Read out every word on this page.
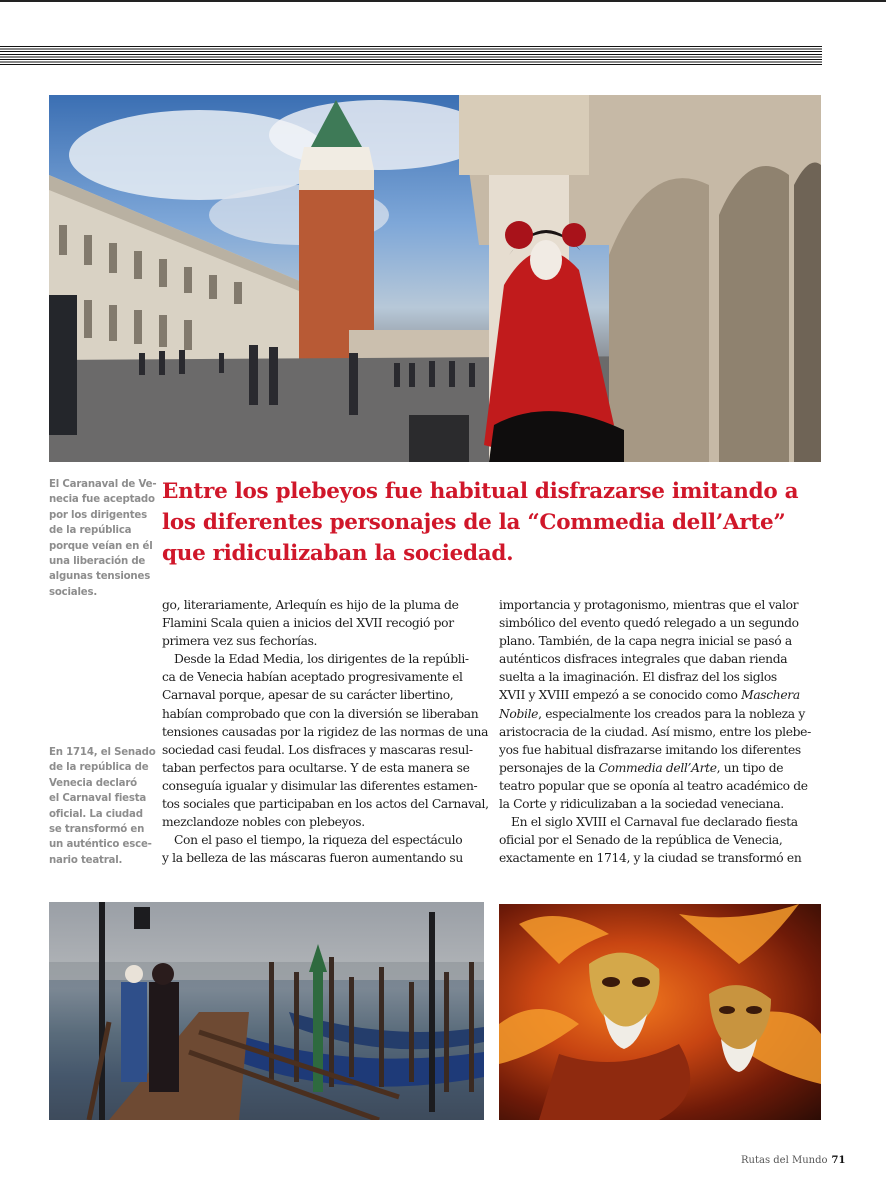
El Caranaval de Ve-
necia fue aceptado
por los dirigentes
de la república
porque veían en él
una liberación de
algunas tensiones
sociales.
En 1714, el Senado
de la república de
Venecia declaró
el Carnaval fiesta
oficial. La ciudad
se transformó en
un auténtico esce-
nario teatral.
Entre los plebeyos fue habitual disfrazarse imitando a
los diferentes personajes de la “Commedia dell’Arte”
que ridiculizaban la sociedad.
go, literariamente, Arlequín es hijo de la pluma de
Flamini Scala quien a inicios del XVII recogió por
primera vez sus fechorías.
Desde la Edad Media, los dirigentes de la repúbli-
ca de Venecia habían aceptado progresivamente el
Carnaval porque, apesar de su carácter libertino,
habían comprobado que con la diversión se liberaban
tensiones causadas por la rigidez de las normas de una
sociedad casi feudal. Los disfraces y mascaras resul-
taban perfectos para ocultarse. Y de esta manera se
conseguía igualar y disimular las diferentes estamen-
tos sociales que participaban en los actos del Carnaval,
mezclandoze nobles con plebeyos.
Con el paso el tiempo, la riqueza del espectáculo
y la belleza de las máscaras fueron aumentando su
importancia y protagonismo, mientras que el valor
simbólico del evento quedó relegado a un segundo
plano. También, de la capa negra inicial se pasó a
auténticos disfraces integrales que daban rienda
suelta a la imaginación. El disfraz del los siglos
XVII y XVIII empezó a se conocido como Maschera
Nobile, especialmente los creados para la nobleza y
aristocracia de la ciudad. Así mismo, entre los plebe-
yos fue habitual disfrazarse imitando los diferentes
personajes de la Commedia dell’Arte, un tipo de
teatro popular que se oponía al teatro académico de
la Corte y ridiculizaban a la sociedad veneciana.
En el siglo XVIII el Carnaval fue declarado fiesta
oficial por el Senado de la república de Venecia,
exactamente en 1714, y la ciudad se transformó en
Rutas del Mundo 71
